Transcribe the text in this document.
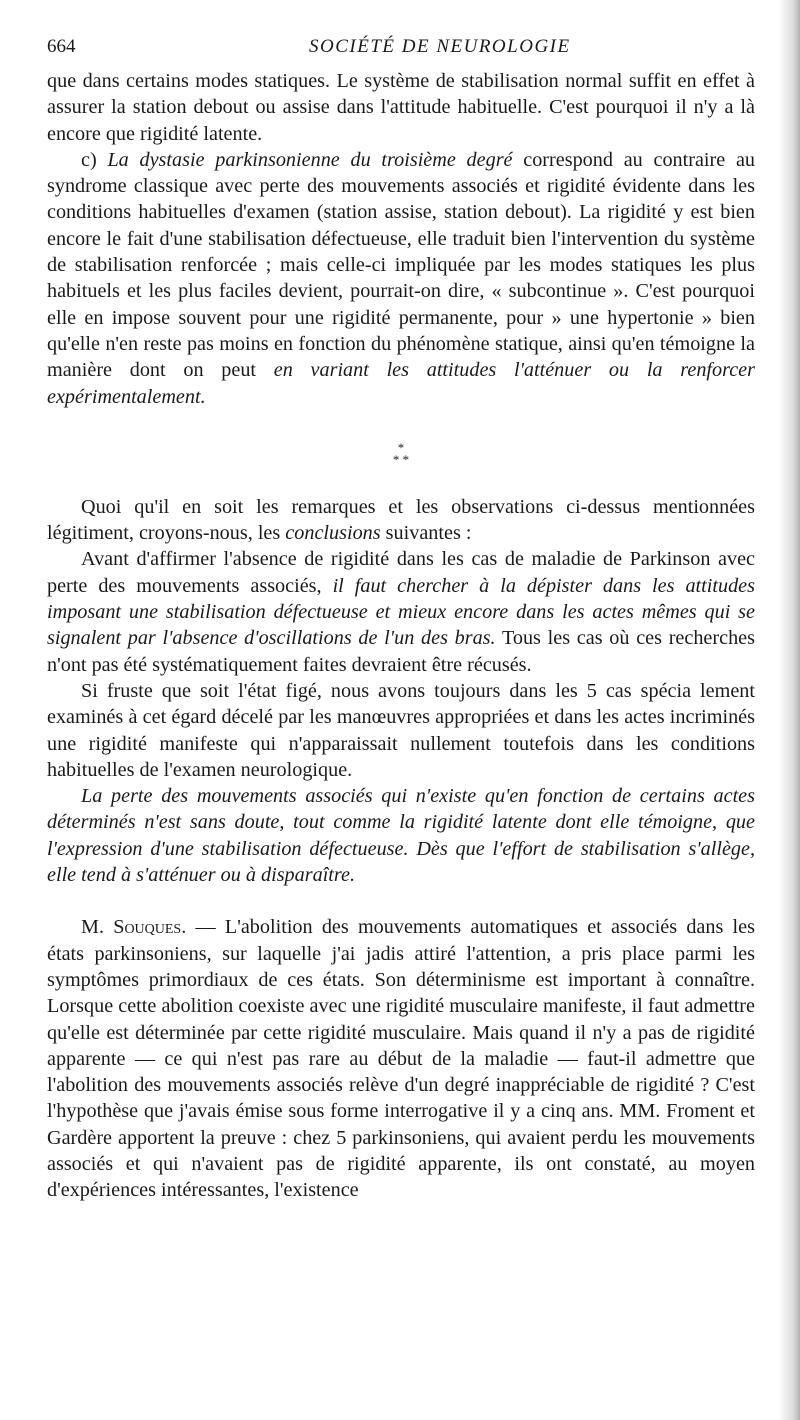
664	SOCIÉTÉ DE NEUROLOGIE

que dans certains modes statiques. Le système de stabilisation normal suffit en effet à assurer la station debout ou assise dans l'attitude habituelle. C'est pourquoi il n'y a là encore que rigidité latente.

c) La dystasie parkinsonienne du troisième degré correspond au contraire au syndrome classique avec perte des mouvements associés et rigidité évidente dans les conditions habituelles d'examen (station assise, station debout). La rigidité y est bien encore le fait d'une stabilisation défectueuse, elle traduit bien l'intervention du système de stabilisation renforcée ; mais celle-ci impliquée par les modes statiques les plus habituels et les plus faciles devient, pourrait-on dire, « subcontinue ». C'est pourquoi elle en impose souvent pour une rigidité permanente, pour » une hypertonie » bien qu'elle n'en reste pas moins en fonction du phénomène statique, ainsi qu'en témoigne la manière dont on peut en variant les attitudes l'atténuer ou la renforcer expérimentalement.

*
* *

Quoi qu'il en soit les remarques et les observations ci-dessus mentionnées légitiment, croyons-nous, les conclusions suivantes :

Avant d'affirmer l'absence de rigidité dans les cas de maladie de Parkinson avec perte des mouvements associés, il faut chercher à la dépister dans les attitudes imposant une stabilisation défectueuse et mieux encore dans les actes mêmes qui se signalent par l'absence d'oscillations de l'un des bras. Tous les cas où ces recherches n'ont pas été systématiquement faites devraient être récusés.

Si fruste que soit l'état figé, nous avons toujours dans les 5 cas spécia lement examinés à cet égard décelé par les manœuvres appropriées et dans les actes incriminés une rigidité manifeste qui n'apparaissait nullement toutefois dans les conditions habituelles de l'examen neurologique.

La perte des mouvements associés qui n'existe qu'en fonction de certains actes déterminés n'est sans doute, tout comme la rigidité latente dont elle témoigne, que l'expression d'une stabilisation défectueuse. Dès que l'effort de stabilisation s'allège, elle tend à s'atténuer ou à disparaître.

M. Souques. — L'abolition des mouvements automatiques et associés dans les états parkinsoniens, sur laquelle j'ai jadis attiré l'attention, a pris place parmi les symptômes primordiaux de ces états. Son déterminisme est important à connaître. Lorsque cette abolition coexiste avec une rigidité musculaire manifeste, il faut admettre qu'elle est déterminée par cette rigidité musculaire. Mais quand il n'y a pas de rigidité apparente — ce qui n'est pas rare au début de la maladie — faut-il admettre que l'abolition des mouvements associés relève d'un degré inappréciable de rigidité ? C'est l'hypothèse que j'avais émise sous forme interrogative il y a cinq ans. MM. Froment et Gardère apportent la preuve : chez 5 parkinsoniens, qui avaient perdu les mouvements associés et qui n'avaient pas de rigidité apparente, ils ont constaté, au moyen d'expériences intéressantes, l'existence
